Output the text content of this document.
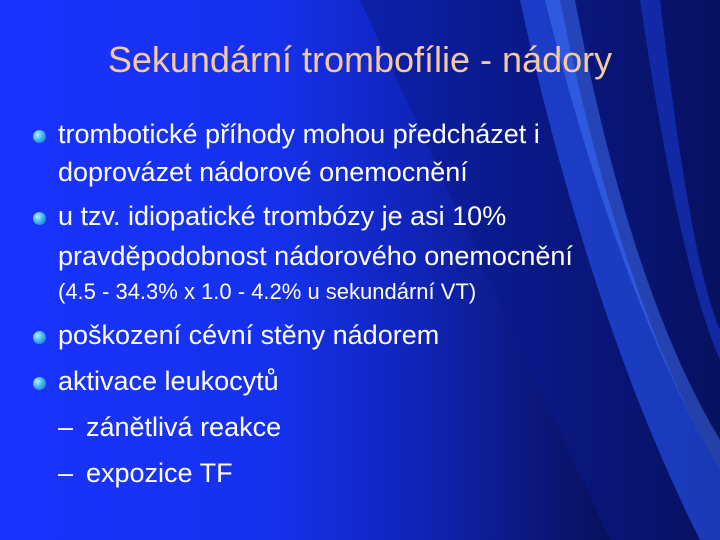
Sekundární trombofílie - nádory
trombotické příhody mohou předcházet i
doprovázet nádorové onemocnění
u tzv. idiopatické trombózy je asi 10%
pravděpodobnost nádorového onemocnění
(4.5 - 34.3% x 1.0 - 4.2% u sekundární VT)
poškození cévní stěny nádorem
aktivace leukocytů
– zánětlivá reakce
– expozice TF
